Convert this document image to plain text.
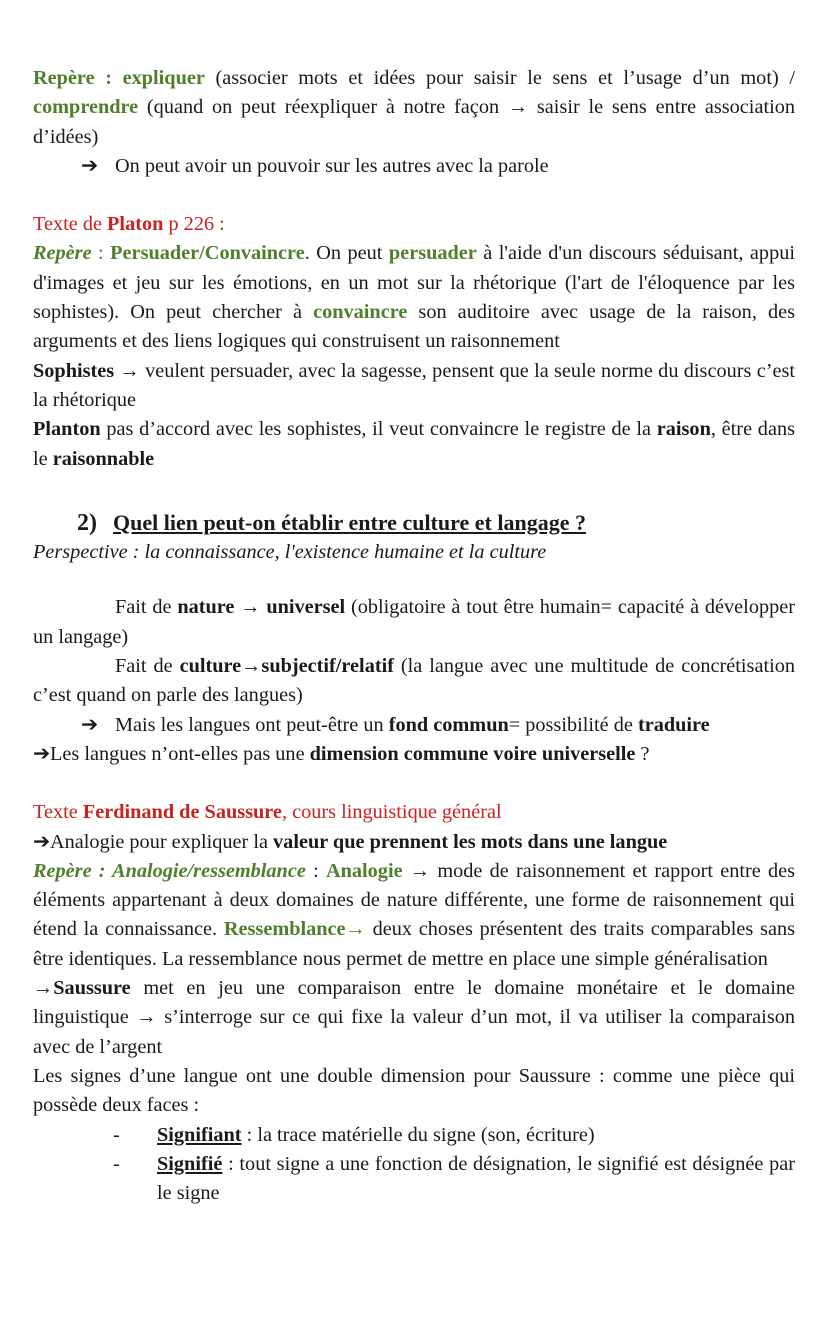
Repère : expliquer (associer mots et idées pour saisir le sens et l’usage d’un mot) / comprendre (quand on peut réexpliquer à notre façon → saisir le sens entre association d’idées)

➔ On peut avoir un pouvoir sur les autres avec la parole

Texte de Platon p 226 :

Repère : Persuader/Convaincre. On peut persuader à l'aide d'un discours séduisant, appui d'images et jeu sur les émotions, en un mot sur la rhétorique (l'art de l'éloquence par les sophistes). On peut chercher à convaincre son auditoire avec usage de la raison, des arguments et des liens logiques qui construisent un raisonnement

Sophistes → veulent persuader, avec la sagesse, pensent que la seule norme du discours c’est la rhétorique

Planton pas d’accord avec les sophistes, il veut convaincre le registre de la raison, être dans le raisonnable

2) Quel lien peut-on établir entre culture et langage ?

Perspective : la connaissance, l'existence humaine et la culture

Fait de nature → universel (obligatoire à tout être humain= capacité à développer un langage)

Fait de culture→subjectif/relatif (la langue avec une multitude de concrétisation c’est quand on parle des langues)

➔ Mais les langues ont peut-être un fond commun= possibilité de traduire

➔Les langues n’ont-elles pas une dimension commune voire universelle ?

Texte Ferdinand de Saussure, cours linguistique général

➔Analogie pour expliquer la valeur que prennent les mots dans une langue

Repère : Analogie/ressemblance : Analogie → mode de raisonnement et rapport entre des éléments appartenant à deux domaines de nature différente, une forme de raisonnement qui étend la connaissance. Ressemblance→ deux choses présentent des traits comparables sans être identiques. La ressemblance nous permet de mettre en place une simple généralisation

→Saussure met en jeu une comparaison entre le domaine monétaire et le domaine linguistique → s’interroge sur ce qui fixe la valeur d’un mot, il va utiliser la comparaison avec de l’argent

Les signes d’une langue ont une double dimension pour Saussure : comme une pièce qui possède deux faces :

-	Signifiant : la trace matérielle du signe (son, écriture)
-	Signifié : tout signe a une fonction de désignation, le signifié est désignée par le signe
